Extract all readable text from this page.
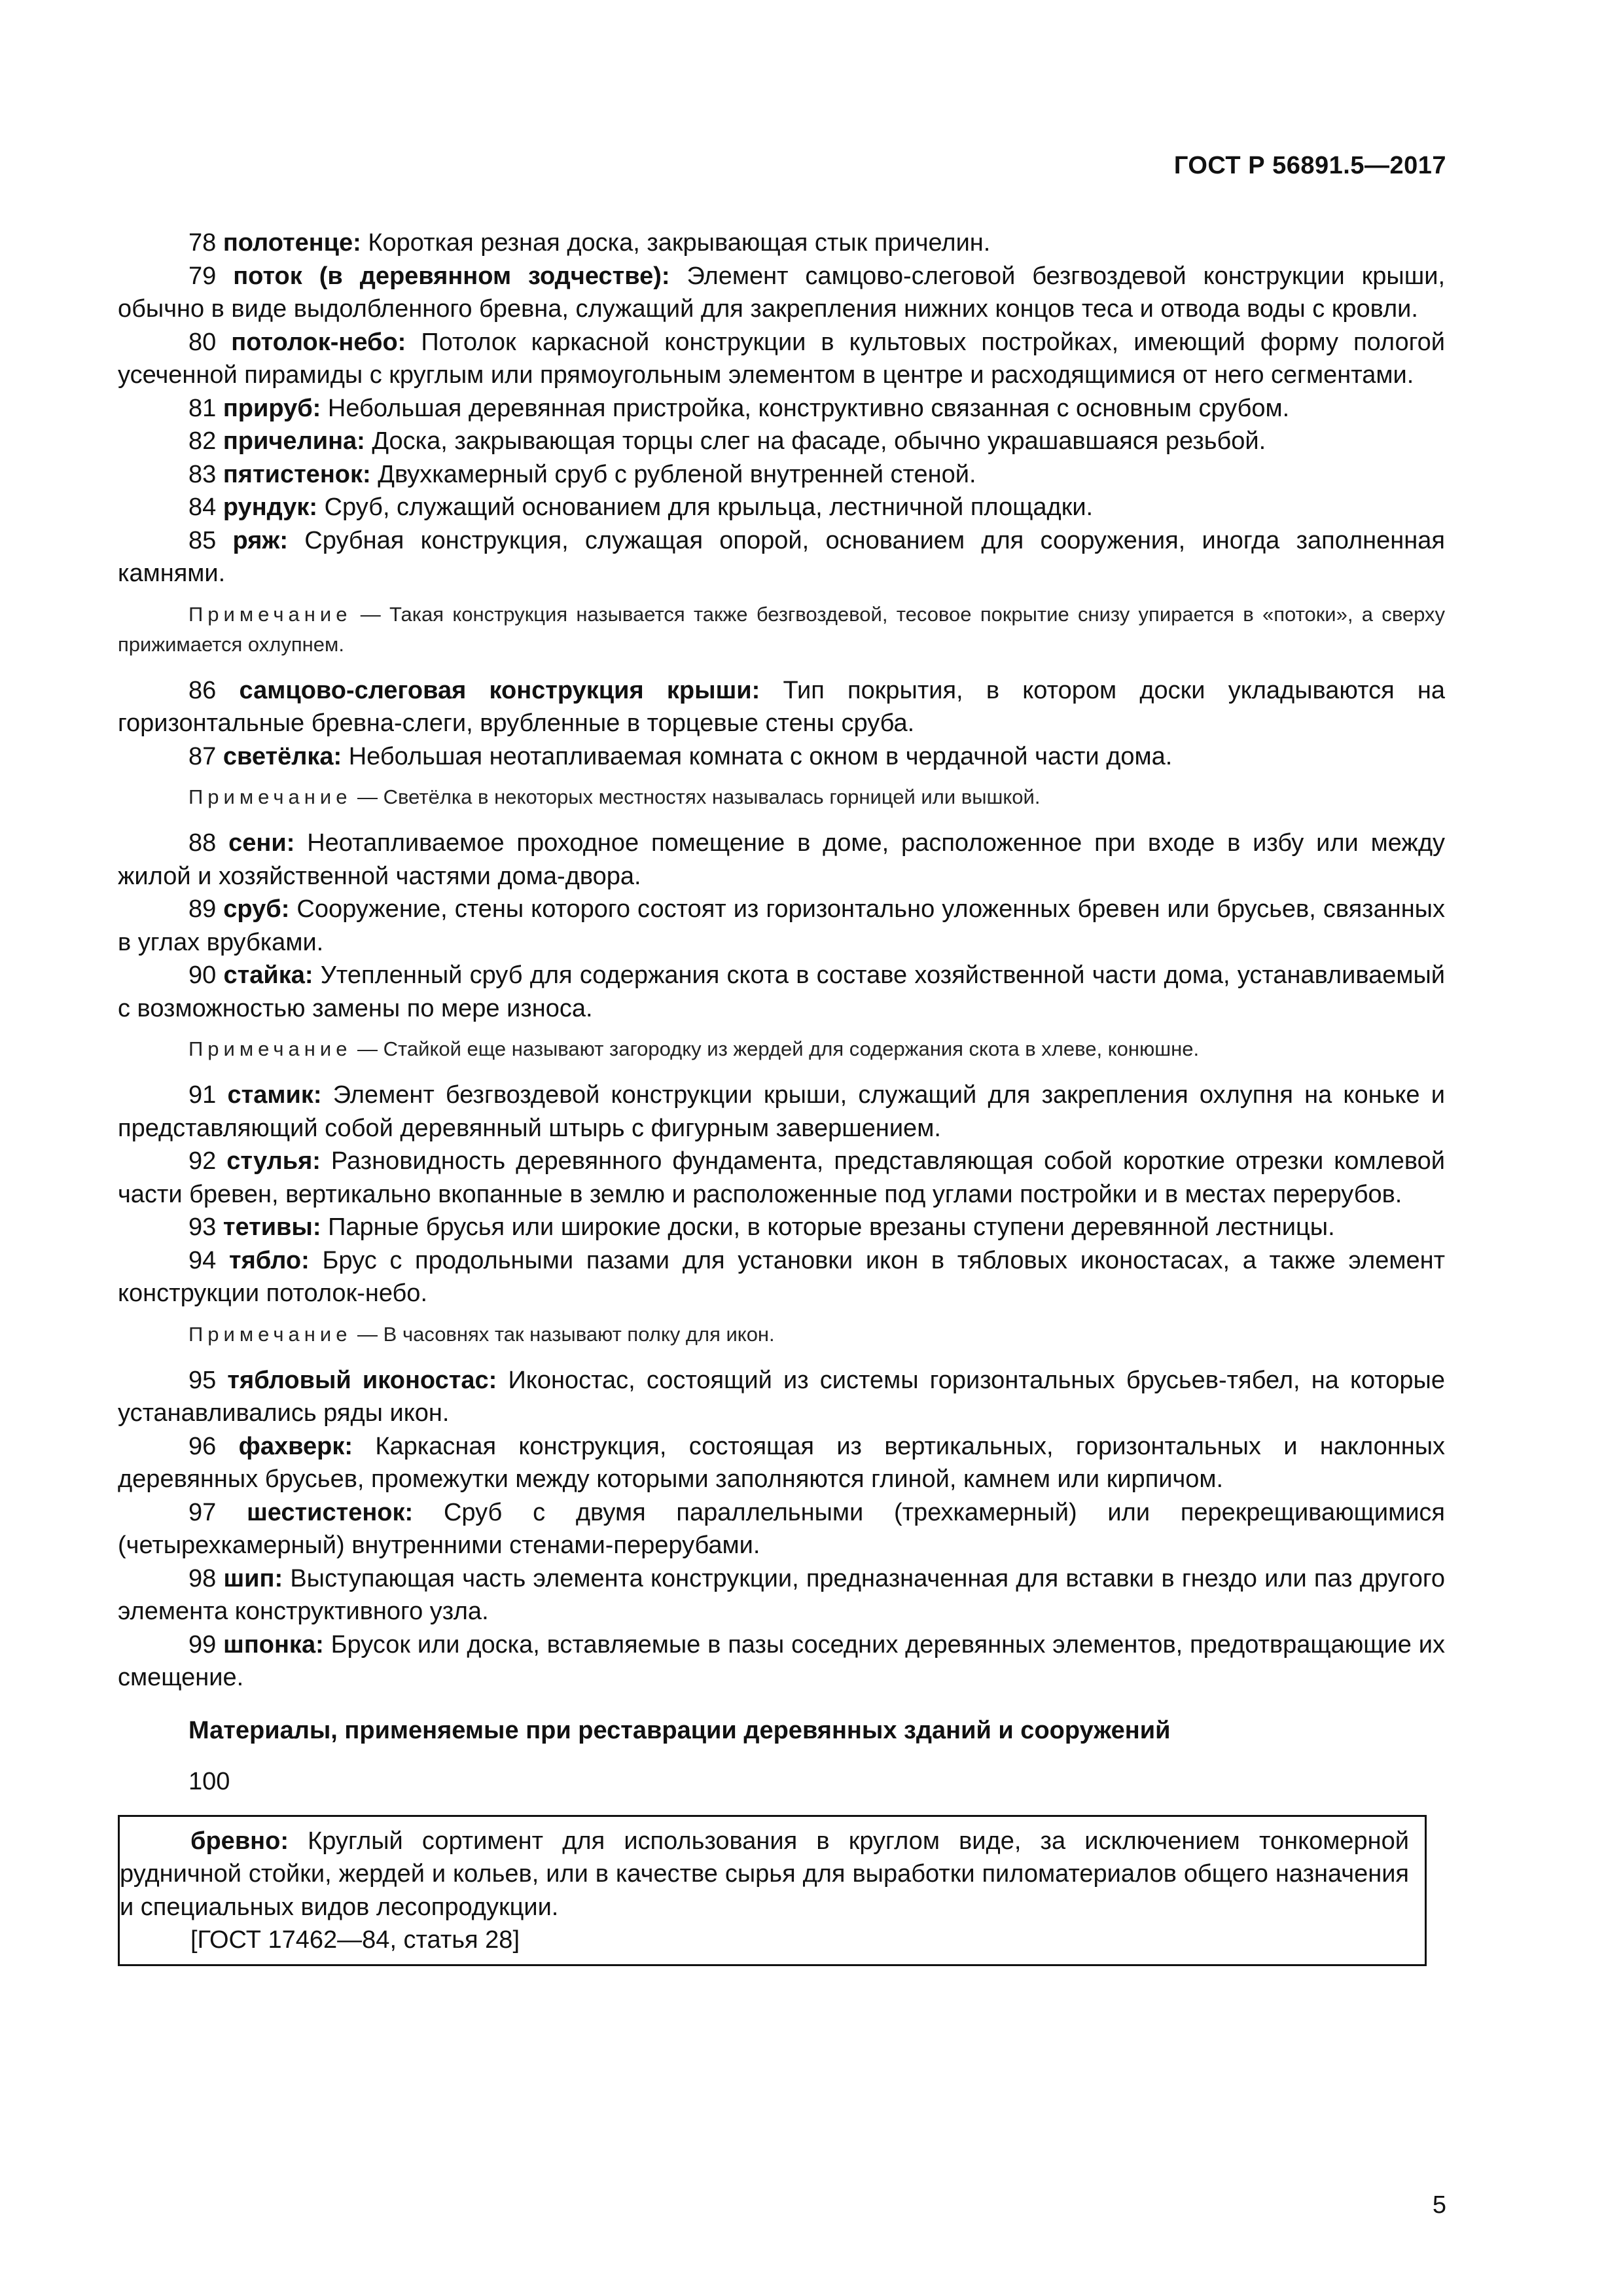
ГОСТ Р 56891.5—2017

78 полотенце: Короткая резная доска, закрывающая стык причелин.

79 поток (в деревянном зодчестве): Элемент самцово-слеговой безгвоздевой конструкции крыши, обычно в виде выдолбленного бревна, служащий для закрепления нижних концов теса и отвода воды с кровли.

80 потолок-небо: Потолок каркасной конструкции в культовых постройках, имеющий форму пологой усеченной пирамиды с круглым или прямоугольным элементом в центре и расходящимися от него сегментами.

81 прируб: Небольшая деревянная пристройка, конструктивно связанная с основным срубом.

82 причелина: Доска, закрывающая торцы слег на фасаде, обычно украшавшаяся резьбой.

83 пятистенок: Двухкамерный сруб с рубленой внутренней стеной.

84 рундук: Сруб, служащий основанием для крыльца, лестничной площадки.

85 ряж: Срубная конструкция, служащая опорой, основанием для сооружения, иногда заполненная камнями.

Примечание — Такая конструкция называется также безгвоздевой, тесовое покрытие снизу упирается в «потоки», а сверху прижимается охлупнем.

86 самцово-слеговая конструкция крыши: Тип покрытия, в котором доски укладываются на горизонтальные бревна-слеги, врубленные в торцевые стены сруба.

87 светёлка: Небольшая неотапливаемая комната с окном в чердачной части дома.

Примечание — Светёлка в некоторых местностях называлась горницей или вышкой.

88 сени: Неотапливаемое проходное помещение в доме, расположенное при входе в избу или между жилой и хозяйственной частями дома-двора.

89 сруб: Сооружение, стены которого состоят из горизонтально уложенных бревен или брусьев, связанных в углах врубками.

90 стайка: Утепленный сруб для содержания скота в составе хозяйственной части дома, устанавливаемый с возможностью замены по мере износа.

Примечание — Стайкой еще называют загородку из жердей для содержания скота в хлеве, конюшне.

91 стамик: Элемент безгвоздевой конструкции крыши, служащий для закрепления охлупня на коньке и представляющий собой деревянный штырь с фигурным завершением.

92 стулья: Разновидность деревянного фундамента, представляющая собой короткие отрезки комлевой части бревен, вертикально вкопанные в землю и расположенные под углами постройки и в местах перерубов.

93 тетивы: Парные брусья или широкие доски, в которые врезаны ступени деревянной лестницы.

94 тябло: Брус с продольными пазами для установки икон в тябловых иконостасах, а также элемент конструкции потолок-небо.

Примечание — В часовнях так называют полку для икон.

95 тябловый иконостас: Иконостас, состоящий из системы горизонтальных брусьев-тябел, на которые устанавливались ряды икон.

96 фахверк: Каркасная конструкция, состоящая из вертикальных, горизонтальных и наклонных деревянных брусьев, промежутки между которыми заполняются глиной, камнем или кирпичом.

97 шестистенок: Сруб с двумя параллельными (трехкамерный) или перекрещивающимися (четырехкамерный) внутренними стенами-перерубами.

98 шип: Выступающая часть элемента конструкции, предназначенная для вставки в гнездо или паз другого элемента конструктивного узла.

99 шпонка: Брусок или доска, вставляемые в пазы соседних деревянных элементов, предотвращающие их смещение.

Материалы, применяемые при реставрации деревянных зданий и сооружений
100

бревно: Круглый сортимент для использования в круглом виде, за исключением тонкомерной рудничной стойки, жердей и кольев, или в качестве сырья для выработки пиломатериалов общего назначения и специальных видов лесопродукции.

[ГОСТ 17462—84, статья 28]

5
